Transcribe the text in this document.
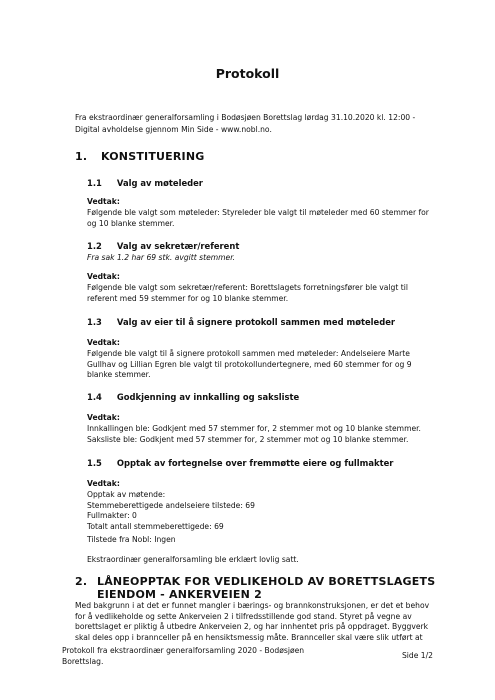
Protokoll
Fra ekstraordinær generalforsamling i Bodøsjøen Borettslag lørdag 31.10.2020 kl. 12:00 -
Digital avholdelse gjennom Min Side - www.nobl.no.
1. KONSTITUERING
1.1 Valg av møteleder
Vedtak:
Følgende ble valgt som møteleder: Styreleder ble valgt til møteleder med 60 stemmer for
og 10 blanke stemmer.
1.2 Valg av sekretær/referent
Fra sak 1.2 har 69 stk. avgitt stemmer.
Vedtak:
Følgende ble valgt som sekretær/referent: Borettslagets forretningsfører ble valgt til
referent med 59 stemmer for og 10 blanke stemmer.
1.3 Valg av eier til å signere protokoll sammen med møteleder
Vedtak:
Følgende ble valgt til å signere protokoll sammen med møteleder: Andelseiere Marte
Gullhav og Lillian Egren ble valgt til protokollundertegnere, med 60 stemmer for og 9
blanke stemmer.
1.4 Godkjenning av innkalling og saksliste
Vedtak:
Innkallingen ble: Godkjent med 57 stemmer for, 2 stemmer mot og 10 blanke stemmer.
Saksliste ble: Godkjent med 57 stemmer for, 2 stemmer mot og 10 blanke stemmer.
1.5 Opptak av fortegnelse over fremmøtte eiere og fullmakter
Vedtak:
Opptak av møtende:
Stemmeberettigede andelseiere tilstede: 69
Fullmakter: 0
Totalt antall stemmeberettigede: 69
Tilstede fra Nobl: Ingen
Ekstraordinær generalforsamling ble erklært lovlig satt.
2. LÅNEOPPTAK FOR VEDLIKEHOLD AV BORETTSLAGETS
EIENDOM - ANKERVEIEN 2
Med bakgrunn i at det er funnet mangler i bærings- og brannkonstruksjonen, er det et behov
for å vedlikeholde og sette Ankerveien 2 i tilfredsstillende god stand. Styret på vegne av
borettslaget er pliktig å utbedre Ankerveien 2, og har innhentet pris på oppdraget. Byggverk
skal deles opp i brannceller på en hensiktsmessig måte. Brannceller skal være slik utført at
Protokoll fra ekstraordinær generalforsamling 2020 - Bodøsjøen
Borettslag.
Side 1/2
